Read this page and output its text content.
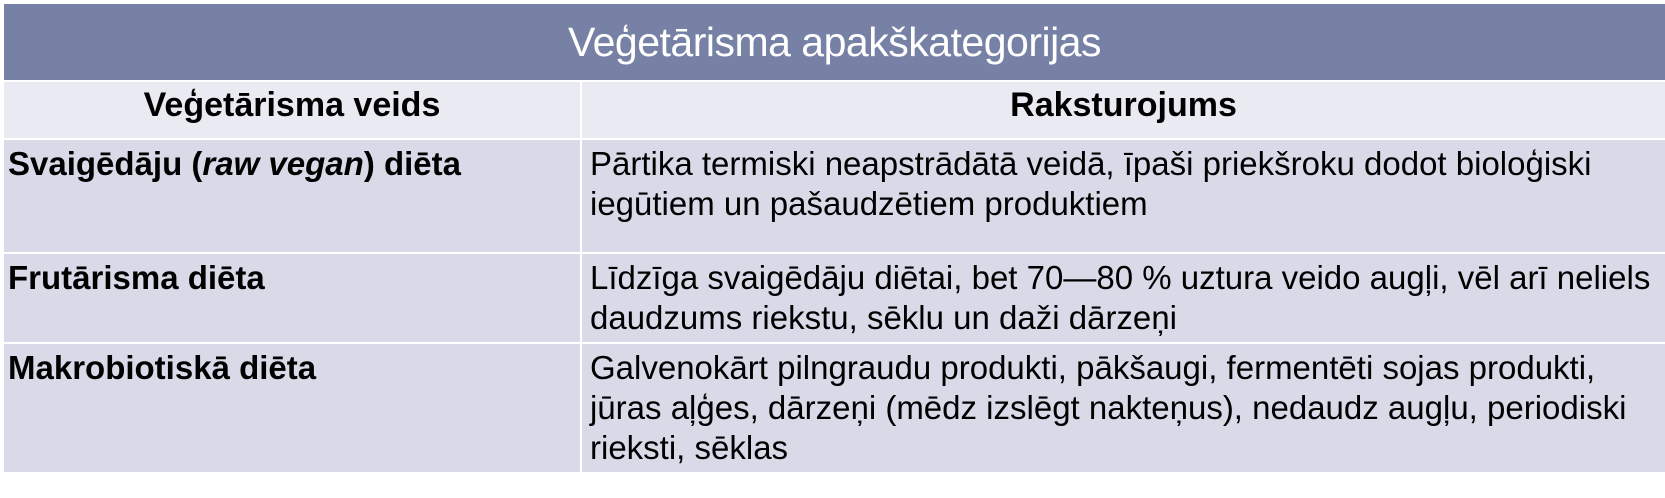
Veģetārisma apakškategorijas	
Veģetārisma veids	Raksturojums
Svaigēdāju (raw vegan) diēta	Pārtika termiski neapstrādātā veidā, īpaši priekšroku dodot bioloģiski iegūtiem un pašaudzētiem produktiem
Frutārisma diēta	Līdzīga svaigēdāju diētai, bet 70—80 % uztura veido augļi, vēl arī neliels daudzums riekstu, sēklu un daži dārzeņi
Makrobiotiskā diēta	Galvenokārt pilngraudu produkti, pākšaugi, fermentēti sojas produkti, jūras aļģes, dārzeņi (mēdz izslēgt nakteņus), nedaudz augļu, periodiski rieksti, sēklas
